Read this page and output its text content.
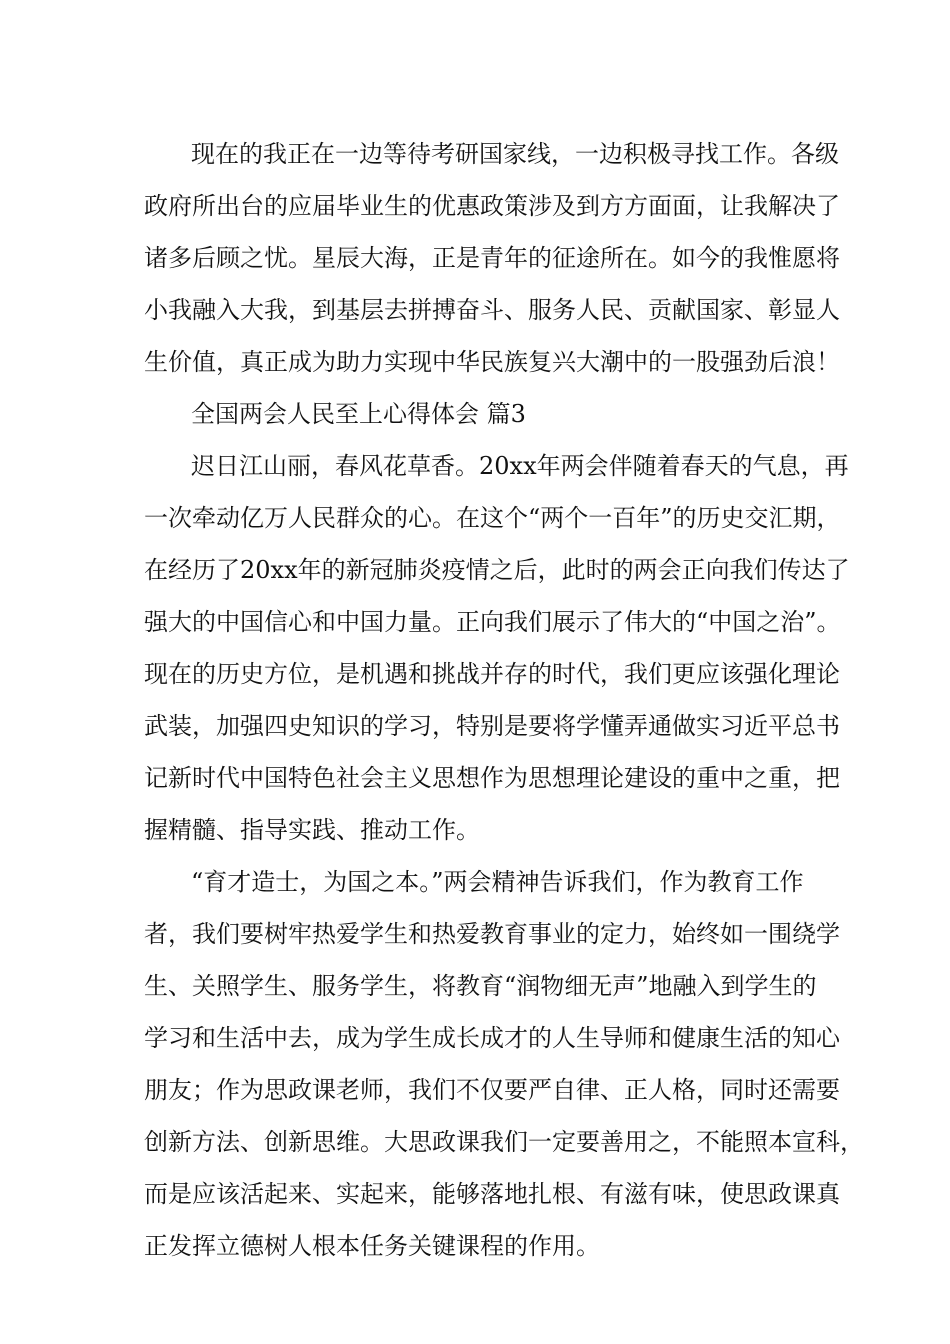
现在的我正在一边等待考研国家线，一边积极寻找工作。各级
政府所出台的应届毕业生的优惠政策涉及到方方面面，让我解决了
诸多后顾之忧。星辰大海，正是青年的征途所在。如今的我惟愿将
小我融入大我，到基层去拼搏奋斗、服务人民、贡献国家、彰显人
生价值，真正成为助力实现中华民族复兴大潮中的一股强劲后浪！
全国两会人民至上心得体会 篇3
迟日江山丽，春风花草香。20xx年两会伴随着春天的气息，再
一次牵动亿万人民群众的心。在这个“两个一百年”的历史交汇期，
在经历了20xx年的新冠肺炎疫情之后，此时的两会正向我们传达了
强大的中国信心和中国力量。正向我们展示了伟大的“中国之治”。
现在的历史方位，是机遇和挑战并存的时代，我们更应该强化理论
武装，加强四史知识的学习，特别是要将学懂弄通做实习近平总书
记新时代中国特色社会主义思想作为思想理论建设的重中之重，把
握精髓、指导实践、推动工作。
“育才造士，为国之本。”两会精神告诉我们，作为教育工作
者，我们要树牢热爱学生和热爱教育事业的定力，始终如一围绕学
生、关照学生、服务学生，将教育“润物细无声”地融入到学生的
学习和生活中去，成为学生成长成才的人生导师和健康生活的知心
朋友；作为思政课老师，我们不仅要严自律、正人格，同时还需要
创新方法、创新思维。大思政课我们一定要善用之，不能照本宣科，
而是应该活起来、实起来，能够落地扎根、有滋有味，使思政课真
正发挥立德树人根本任务关键课程的作用。
